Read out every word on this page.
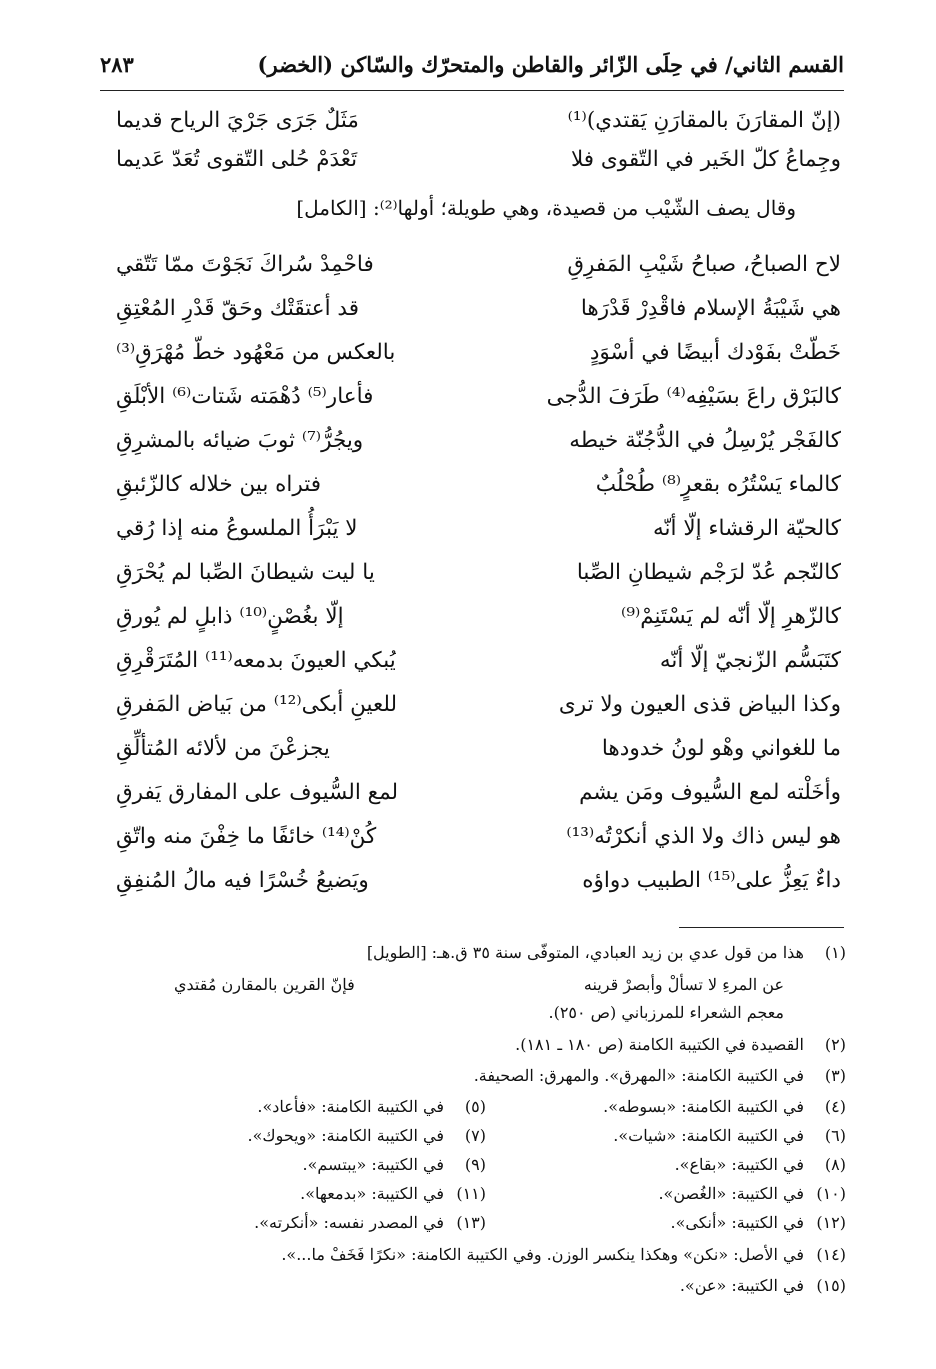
القسم الثاني/ في حِلَى الزّائر والقاطن والمتحرّك والسّاكن (الخضر)
٢٨٣
(إنّ المقارَنَ بالمقارَنِ يَقتدي)⁽¹⁾
مَثَلٌ جَرَى جَرْيَ الرياح قديما
وجِماعُ كلّ الخَير في التّقوى فلا
تَعْدَمْ حُلى التّقوى تُعَدّ عَديما
وقال يصف الشّيْب من قصيدة، وهي طويلة؛ أولها⁽²⁾: [الكامل]
لاح الصباحُ، صباحُ شَيْبِ المَفرِقِ
فاحْمِدْ سُراكَ نَجَوْتَ ممّا تَتّقي
هي شَيْبَةُ الإسلام فاقْدِرْ قَدْرَها
قد أعتقَتْك وحَقّ قَدْرِ المُعْتِقِ
خَطّتْ بفَوْدك أبيضًا في أسْوَدٍ
بالعكس من مَعْهُود خطّ مُهْرَقِ⁽³⁾
كالبَرْق راعَ بسَيْفِه⁽⁴⁾ طَرَفَ الدُّجى
فأعار⁽⁵⁾ دُهْمَته شَتات⁽⁶⁾ الأبْلَقِ
كالفَجْر يُرْسِلُ في الدُّجُنّة خيطه
ويجُرُّ⁽⁷⁾ ثوبَ ضيائه بالمشرِقِ
كالماء يَسْتُرُه بقعرٍ⁽⁸⁾ طُحْلُبٌ
فتراه بين خلاله كالزّئبقِ
كالحيّة الرقشاء إلّا أنّه
لا يَبْرَأُ الملسوعُ منه إذا رُقي
كالنّجم عُدّ لرَجْم شيطانِ الصِّبا
يا ليت شيطانَ الصِّبا لم يُحْرَقِ
كالزّهرِ إلّا أنّه لم يَسْتَنِمْ⁽⁹⁾
إلّا بغُصْنٍ⁽¹⁰⁾ ذابلٍ لم يُورقِ
كتَبَسُّم الزّنجيّ إلّا أنّه
يُبكي العيونَ بدمعه⁽¹¹⁾ المُتَرَقْرِقِ
وكذا البياض قذى العيون ولا ترى
للعينِ أبكى⁽¹²⁾ من بَياض المَفرقِ
ما للغواني وهْو لونُ خدودها
يجزعْنَ من لألائه المُتألِّقِ
وأخَلْته لمع السُّيوف ومَن يشم
لمع السُّيوف على المفارق يَفرقِ
هو ليس ذاك ولا الذي أنكرْتُه⁽¹³⁾
كُنْ⁽¹⁴⁾ خائفًا ما خِفْنَ منه واتّقِ
داءٌ يَعِزُّ على⁽¹⁵⁾ الطبيب دواؤه
ويَضيعُ خُسْرًا فيه مالُ المُنفِقِ
(١)
هذا من قول عدي بن زيد العبادي، المتوفّى سنة ٣٥ ق.هـ: [الطويل]
عن المرءِ لا تسألْ وأبصرْ قرينه
فإنّ القرين بالمقارن مُقتدي
معجم الشعراء للمرزباني (ص ٢٥٠).
(٢)
القصيدة في الكتيبة الكامنة (ص ١٨٠ ـ ١٨١).
(٣)
في الكتيبة الكامنة: «المهرق». والمهرق: الصحيفة.
(٤)
في الكتيبة الكامنة: «بسوطه».
(٥)
في الكتيبة الكامنة: «فأعاد».
(٦)
في الكتيبة الكامنة: «شيات».
(٧)
في الكتيبة الكامنة: «ويحوك».
(٨)
في الكتيبة: «بقاع».
(٩)
في الكتيبة: «يبتسم».
(١٠)
في الكتيبة: «الغُصن».
(١١)
في الكتيبة: «بدمعها».
(١٢)
في الكتيبة: «أنكى».
(١٣)
في المصدر نفسه: «أنكرته».
(١٤)
في الأصل: «نكن» وهكذا ينكسر الوزن. وفي الكتيبة الكامنة: «نكرًا فَخَفْ ما...».
(١٥)
في الكتيبة: «عن».
